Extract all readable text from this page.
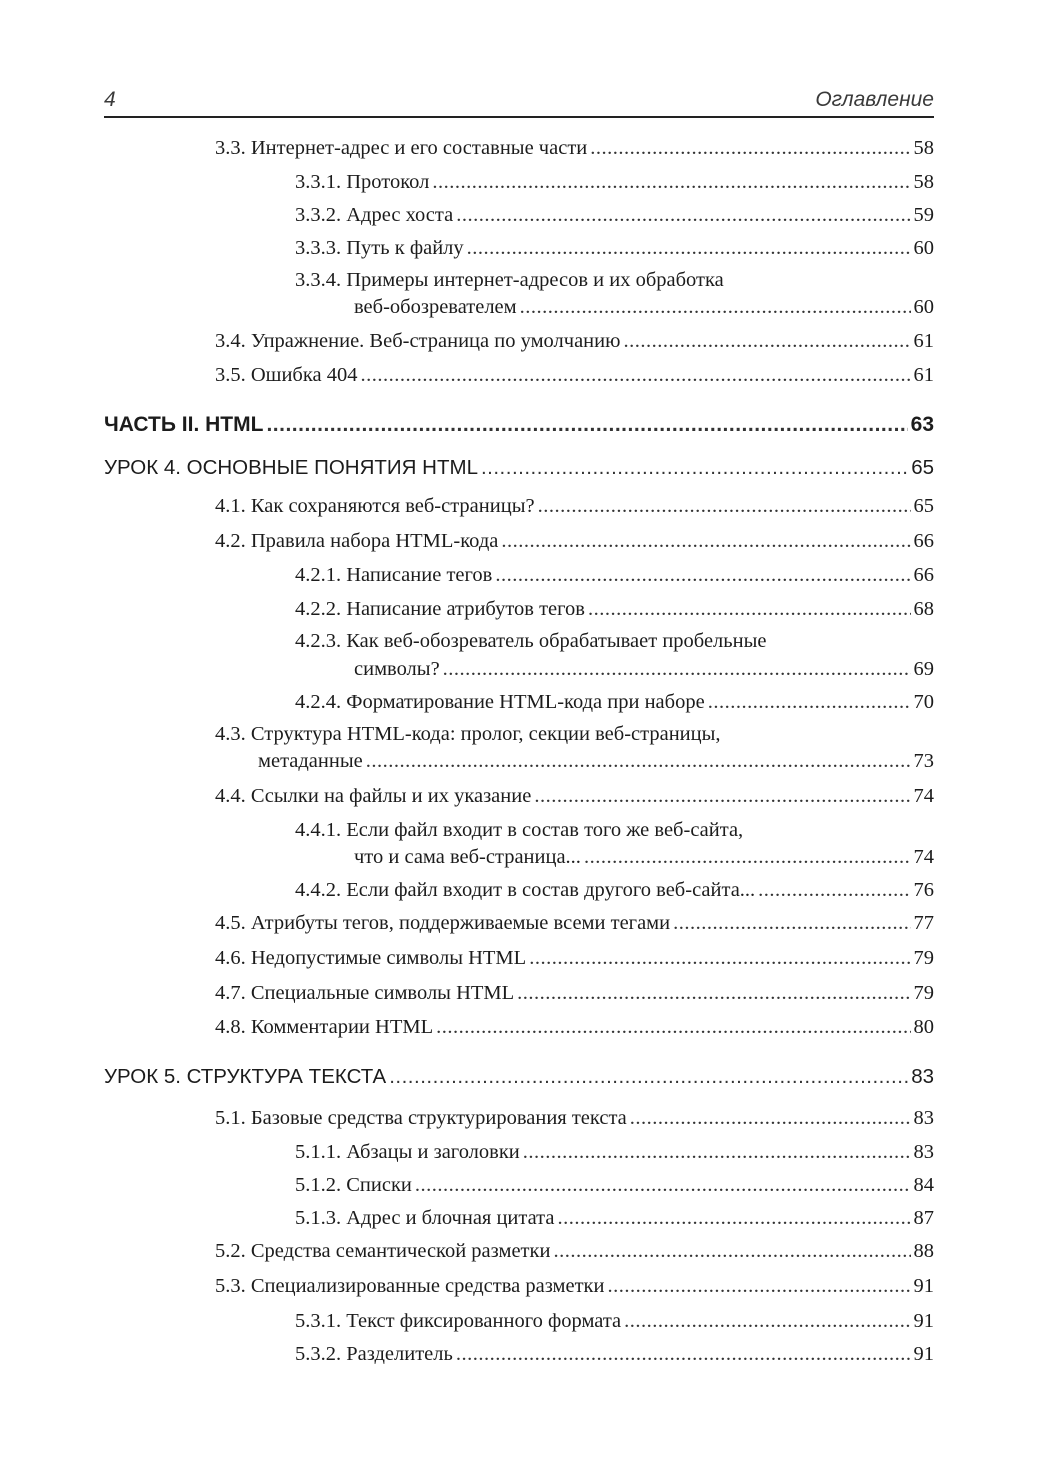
4	Оглавление
3.3. Интернет-адрес и его составные части .....	58
3.3.1. Протокол .....	58
3.3.2. Адрес хоста .....	59
3.3.3. Путь к файлу .....	60
3.3.4. Примеры интернет-адресов и их обработка
веб-обозревателем .....	60
3.4. Упражнение. Веб-страница по умолчанию .....	61
3.5. Ошибка 404 .....	61
ЧАСТЬ II. HTML .....	63
УРОК 4. ОСНОВНЫЕ ПОНЯТИЯ HTML .....	65
4.1. Как сохраняются веб-страницы? .....	65
4.2. Правила набора HTML-кода .....	66
4.2.1. Написание тегов .....	66
4.2.2. Написание атрибутов тегов .....	68
4.2.3. Как веб-обозреватель обрабатывает пробельные
символы? .....	69
4.2.4. Форматирование HTML-кода при наборе .....	70
4.3. Структура HTML-кода: пролог, секции веб-страницы,
метаданные .....	73
4.4. Ссылки на файлы и их указание .....	74
4.4.1. Если файл входит в состав того же веб-сайта,
что и сама веб-страница... .....	74
4.4.2. Если файл входит в состав другого веб-сайта... .....	76
4.5. Атрибуты тегов, поддерживаемые всеми тегами .....	77
4.6. Недопустимые символы HTML .....	79
4.7. Специальные символы HTML .....	79
4.8. Комментарии HTML .....	80
УРОК 5. СТРУКТУРА ТЕКСТА .....	83
5.1. Базовые средства структурирования текста .....	83
5.1.1. Абзацы и заголовки .....	83
5.1.2. Списки .....	84
5.1.3. Адрес и блочная цитата .....	87
5.2. Средства семантической разметки .....	88
5.3. Специализированные средства разметки .....	91
5.3.1. Текст фиксированного формата .....	91
5.3.2. Разделитель .....	91
